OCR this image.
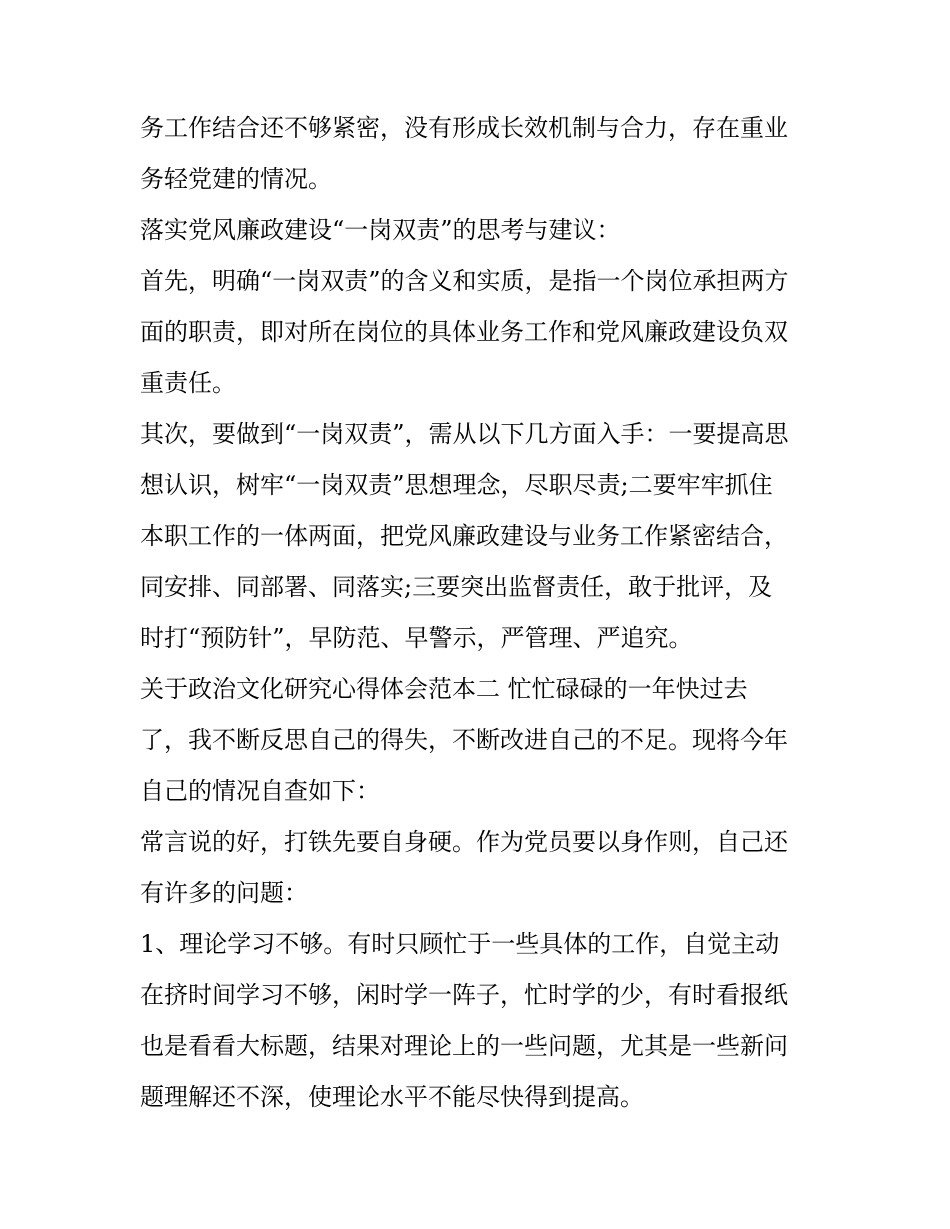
务工作结合还不够紧密，没有形成长效机制与合力，存在重业
务轻党建的情况。
落实党风廉政建设“一岗双责”的思考与建议：
首先，明确“一岗双责”的含义和实质，是指一个岗位承担两方
面的职责，即对所在岗位的具体业务工作和党风廉政建设负双
重责任。
其次，要做到“一岗双责”，需从以下几方面入手：一要提高思
想认识，树牢“一岗双责”思想理念，尽职尽责;二要牢牢抓住
本职工作的一体两面，把党风廉政建设与业务工作紧密结合，
同安排、同部署、同落实;三要突出监督责任，敢于批评，及
时打“预防针”，早防范、早警示，严管理、严追究。
关于政治文化研究心得体会范本二 忙忙碌碌的一年快过去
了，我不断反思自己的得失，不断改进自己的不足。现将今年
自己的情况自查如下：
常言说的好，打铁先要自身硬。作为党员要以身作则，自己还
有许多的问题：
1、理论学习不够。有时只顾忙于一些具体的工作，自觉主动
在挤时间学习不够，闲时学一阵子，忙时学的少，有时看报纸
也是看看大标题，结果对理论上的一些问题，尤其是一些新问
题理解还不深，使理论水平不能尽快得到提高。
